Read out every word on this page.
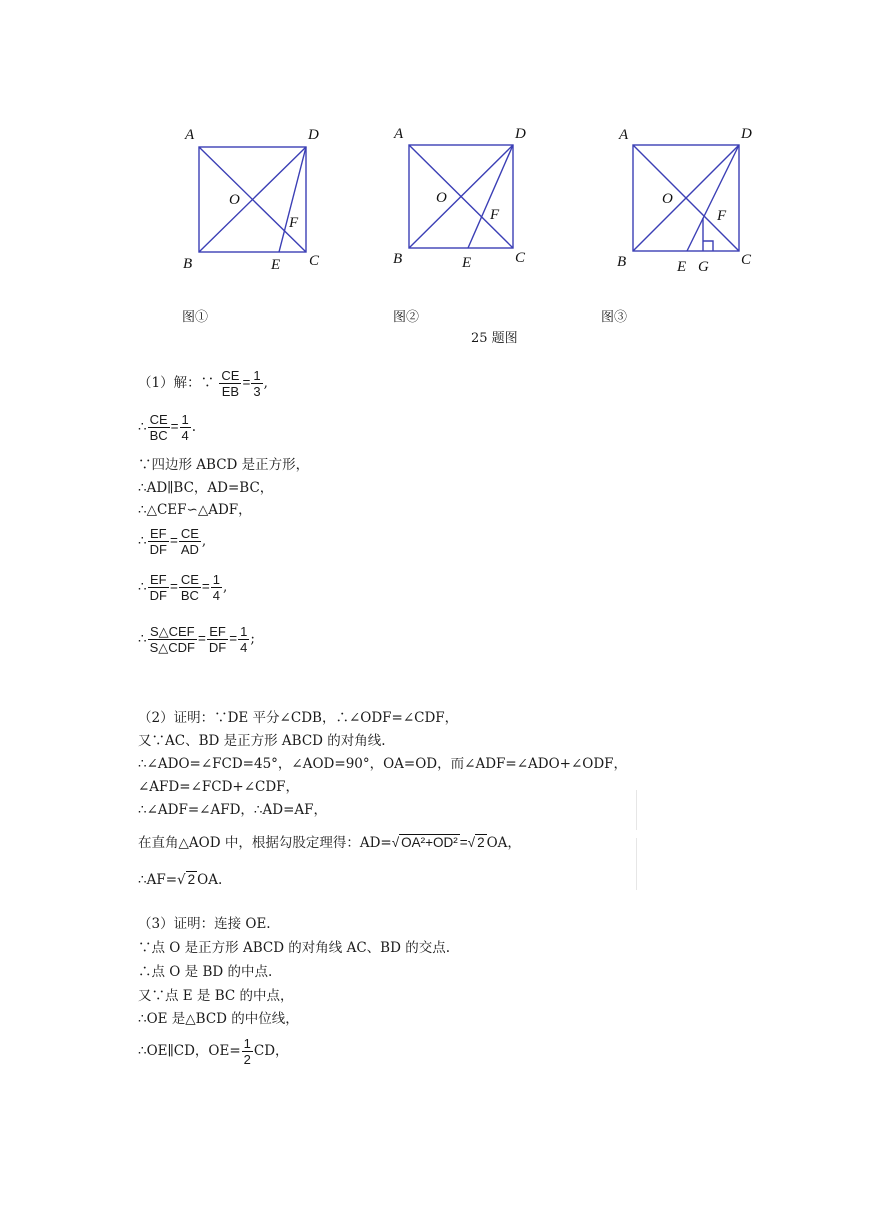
A	D
O
F
B	E C
A	D
O
F
B	E	C
A	D
O
F
B	E G C
图①	图②	图③
25 题图
（1）解：∵ $\frac{CE}{EB} = \frac{1}{3}$ ,
∴ $\frac{CE}{BC} = \frac{1}{4}$ .
∵四边形 ABCD 是正方形，
∴AD∥BC，AD=BC，
∴△CEF∽△ADF，
∴ $\frac{EF}{DF} = \frac{CE}{AD}$ ,
∴ $\frac{EF}{DF} = \frac{CE}{BC} = \frac{1}{4}$ ,
∴ $\frac{\text{S△CEF}}{\text{S△CDF}} = \frac{EF}{DF} = \frac{1}{4}$ ;
（2）证明：∵DE 平分∠CDB，∴∠ODF=∠CDF，
又∵AC、BD 是正方形 ABCD 的对角线.
∴∠ADO=∠FCD=45°，∠AOD=90°，OA=OD，而∠ADF=∠ADO+∠ODF，
∠AFD=∠FCD+∠CDF，
∴∠ADF=∠AFD，∴AD=AF，
在直角△AOD 中，根据勾股定理得：AD=√ OA²+OD² =√ 2 OA，
∴AF=√ 2 OA.
（3）证明：连接 OE.
∵点 O 是正方形 ABCD 的对角线 AC、BD 的交点.
∴点 O 是 BD 的中点.
又∵点 E 是 BC 的中点，
∴OE 是△BCD 的中位线，
∴OE∥CD，$OE= \frac{1}{2}$ CD，
